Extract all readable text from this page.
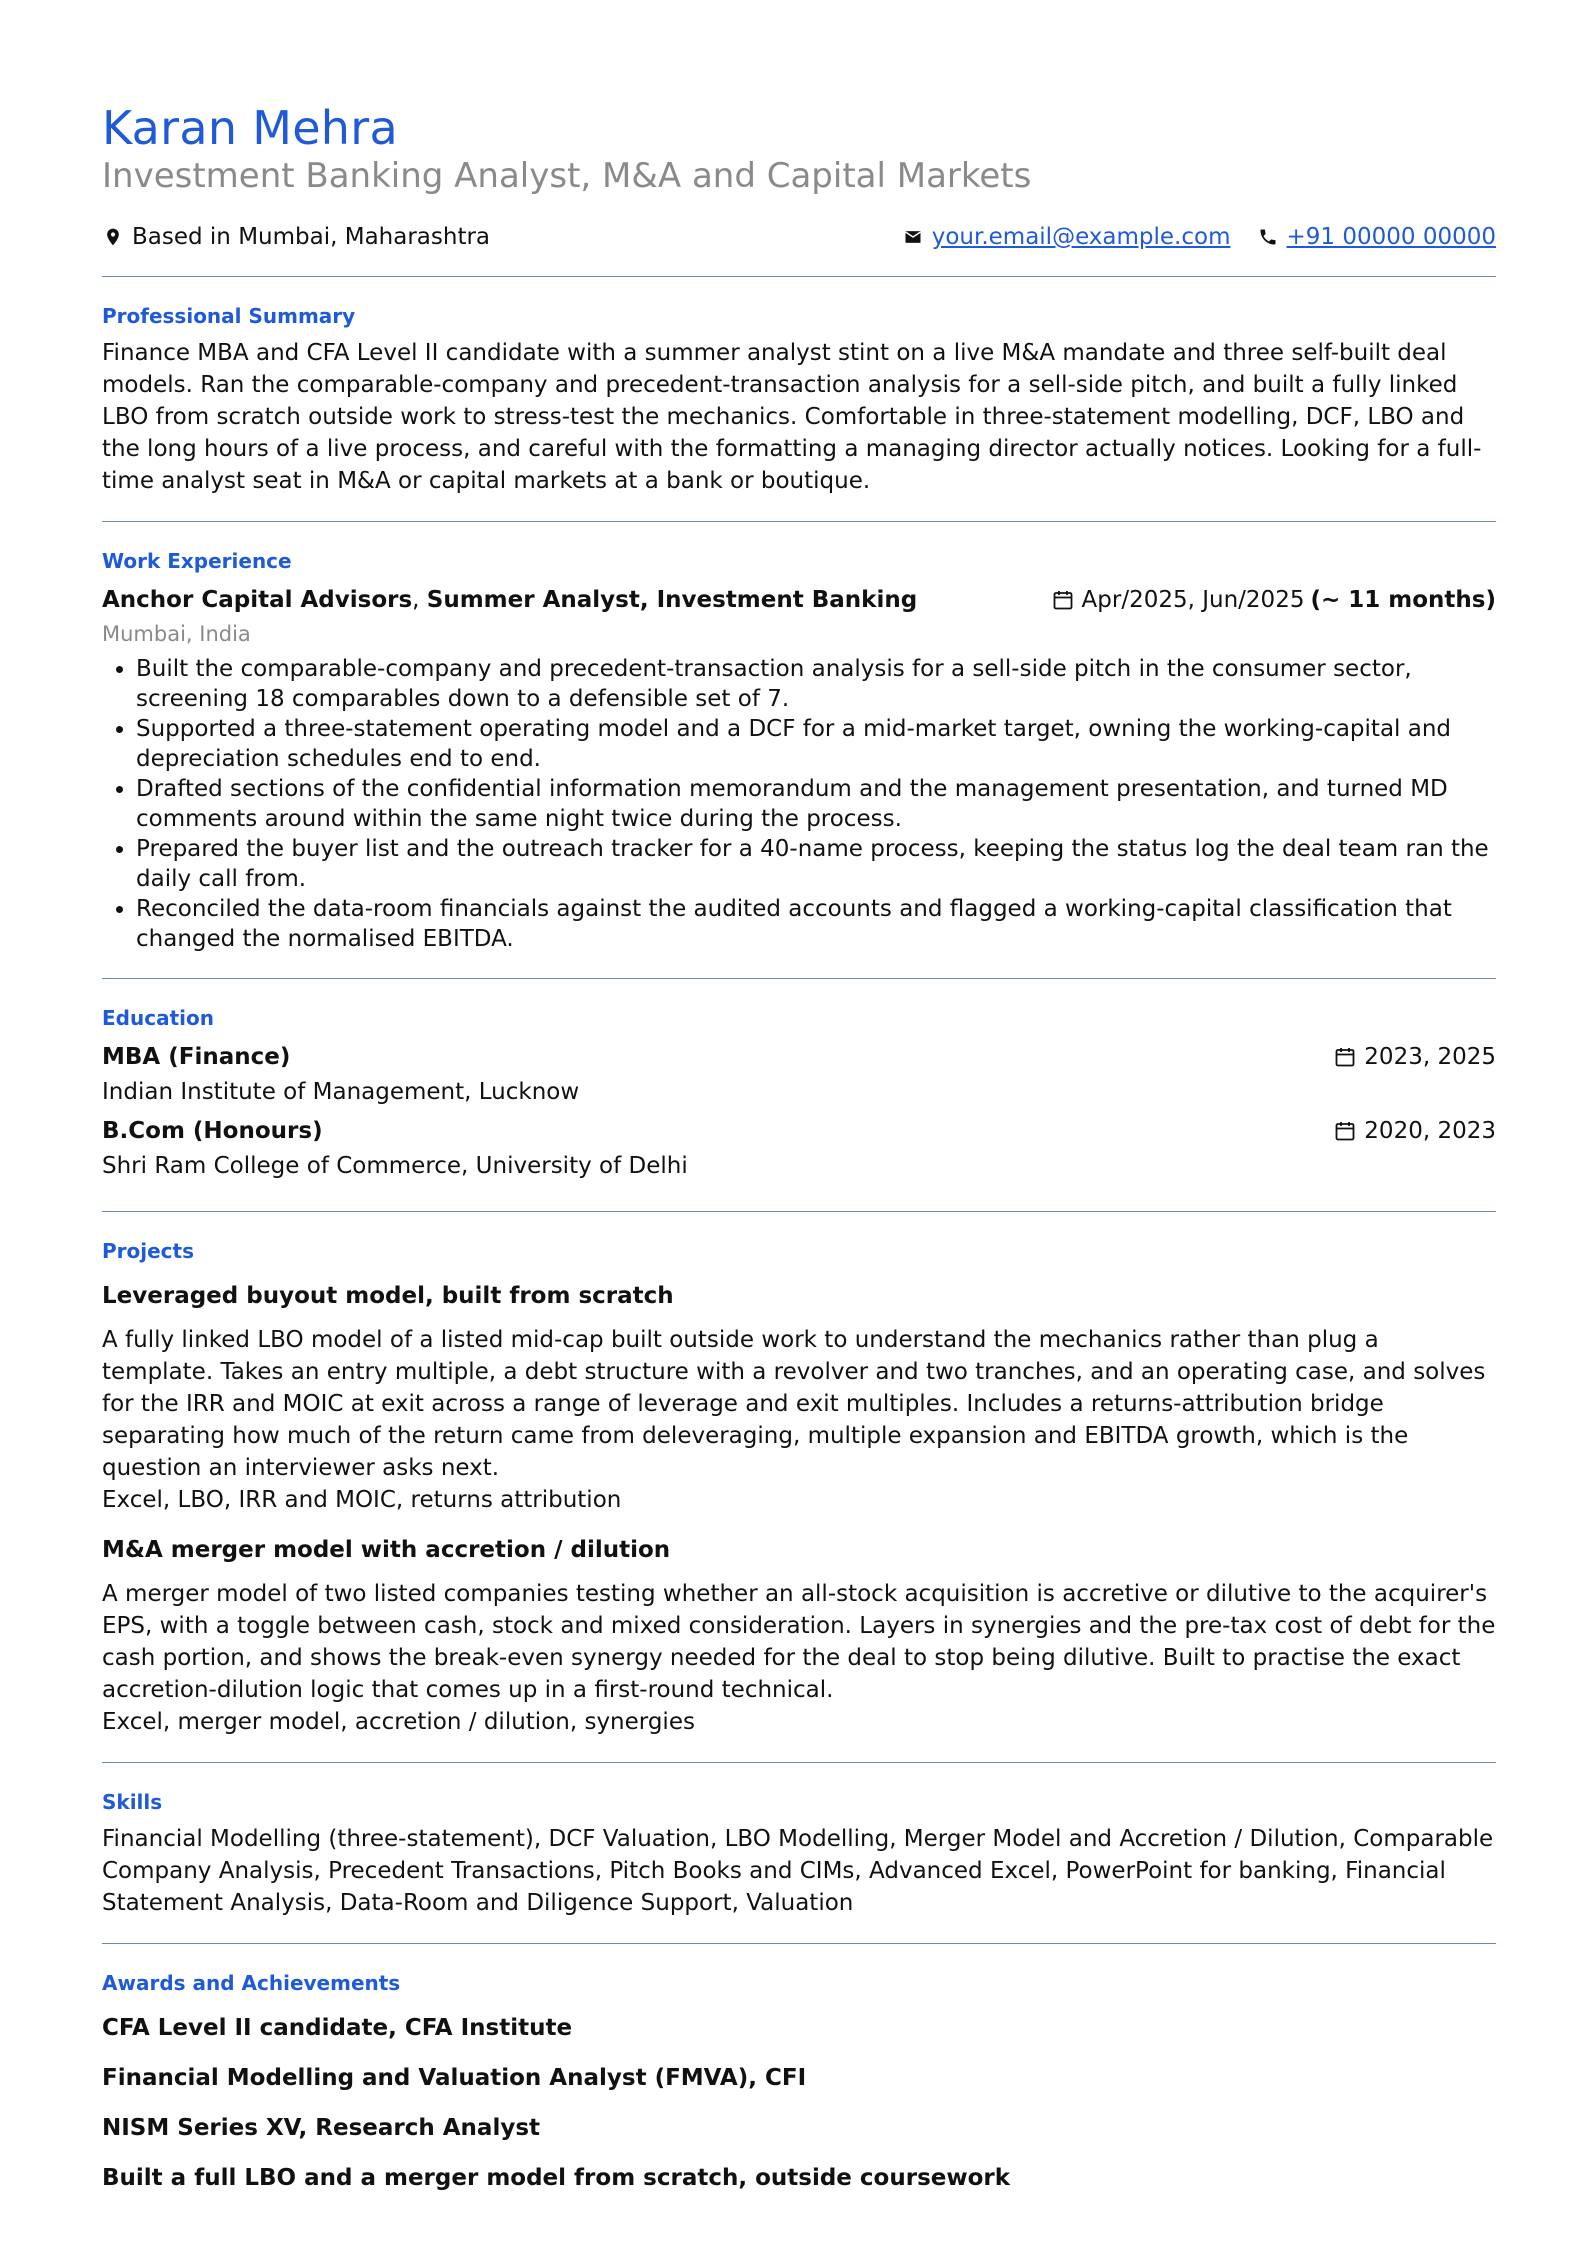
Karan Mehra
Investment Banking Analyst, M&A and Capital Markets
Based in Mumbai, Maharashtra	your.email@example.com +91 00000 00000
Professional Summary
Finance MBA and CFA Level II candidate with a summer analyst stint on a live M&A mandate and three self-built deal models. Ran the comparable-company and precedent-transaction analysis for a sell-side pitch, and built a fully linked LBO from scratch outside work to stress-test the mechanics. Comfortable in three-statement modelling, DCF, LBO and the long hours of a live process, and careful with the formatting a managing director actually notices. Looking for a full-time analyst seat in M&A or capital markets at a bank or boutique.
Work Experience
Anchor Capital Advisors, Summer Analyst, Investment Banking	Apr/2025, Jun/2025 (~ 11 months)
Mumbai, India
• Built the comparable-company and precedent-transaction analysis for a sell-side pitch in the consumer sector, screening 18 comparables down to a defensible set of 7.
• Supported a three-statement operating model and a DCF for a mid-market target, owning the working-capital and depreciation schedules end to end.
• Drafted sections of the confidential information memorandum and the management presentation, and turned MD comments around within the same night twice during the process.
• Prepared the buyer list and the outreach tracker for a 40-name process, keeping the status log the deal team ran the daily call from.
• Reconciled the data-room financials against the audited accounts and flagged a working-capital classification that changed the normalised EBITDA.
Education
MBA (Finance)	2023, 2025
Indian Institute of Management, Lucknow
B.Com (Honours)	2020, 2023
Shri Ram College of Commerce, University of Delhi
Projects
Leveraged buyout model, built from scratch
A fully linked LBO model of a listed mid-cap built outside work to understand the mechanics rather than plug a template. Takes an entry multiple, a debt structure with a revolver and two tranches, and an operating case, and solves for the IRR and MOIC at exit across a range of leverage and exit multiples. Includes a returns-attribution bridge separating how much of the return came from deleveraging, multiple expansion and EBITDA growth, which is the question an interviewer asks next.
Excel, LBO, IRR and MOIC, returns attribution
M&A merger model with accretion / dilution
A merger model of two listed companies testing whether an all-stock acquisition is accretive or dilutive to the acquirer's EPS, with a toggle between cash, stock and mixed consideration. Layers in synergies and the pre-tax cost of debt for the cash portion, and shows the break-even synergy needed for the deal to stop being dilutive. Built to practise the exact accretion-dilution logic that comes up in a first-round technical.
Excel, merger model, accretion / dilution, synergies
Skills
Financial Modelling (three-statement), DCF Valuation, LBO Modelling, Merger Model and Accretion / Dilution, Comparable Company Analysis, Precedent Transactions, Pitch Books and CIMs, Advanced Excel, PowerPoint for banking, Financial Statement Analysis, Data-Room and Diligence Support, Valuation
Awards and Achievements
CFA Level II candidate, CFA Institute
Financial Modelling and Valuation Analyst (FMVA), CFI
NISM Series XV, Research Analyst
Built a full LBO and a merger model from scratch, outside coursework
